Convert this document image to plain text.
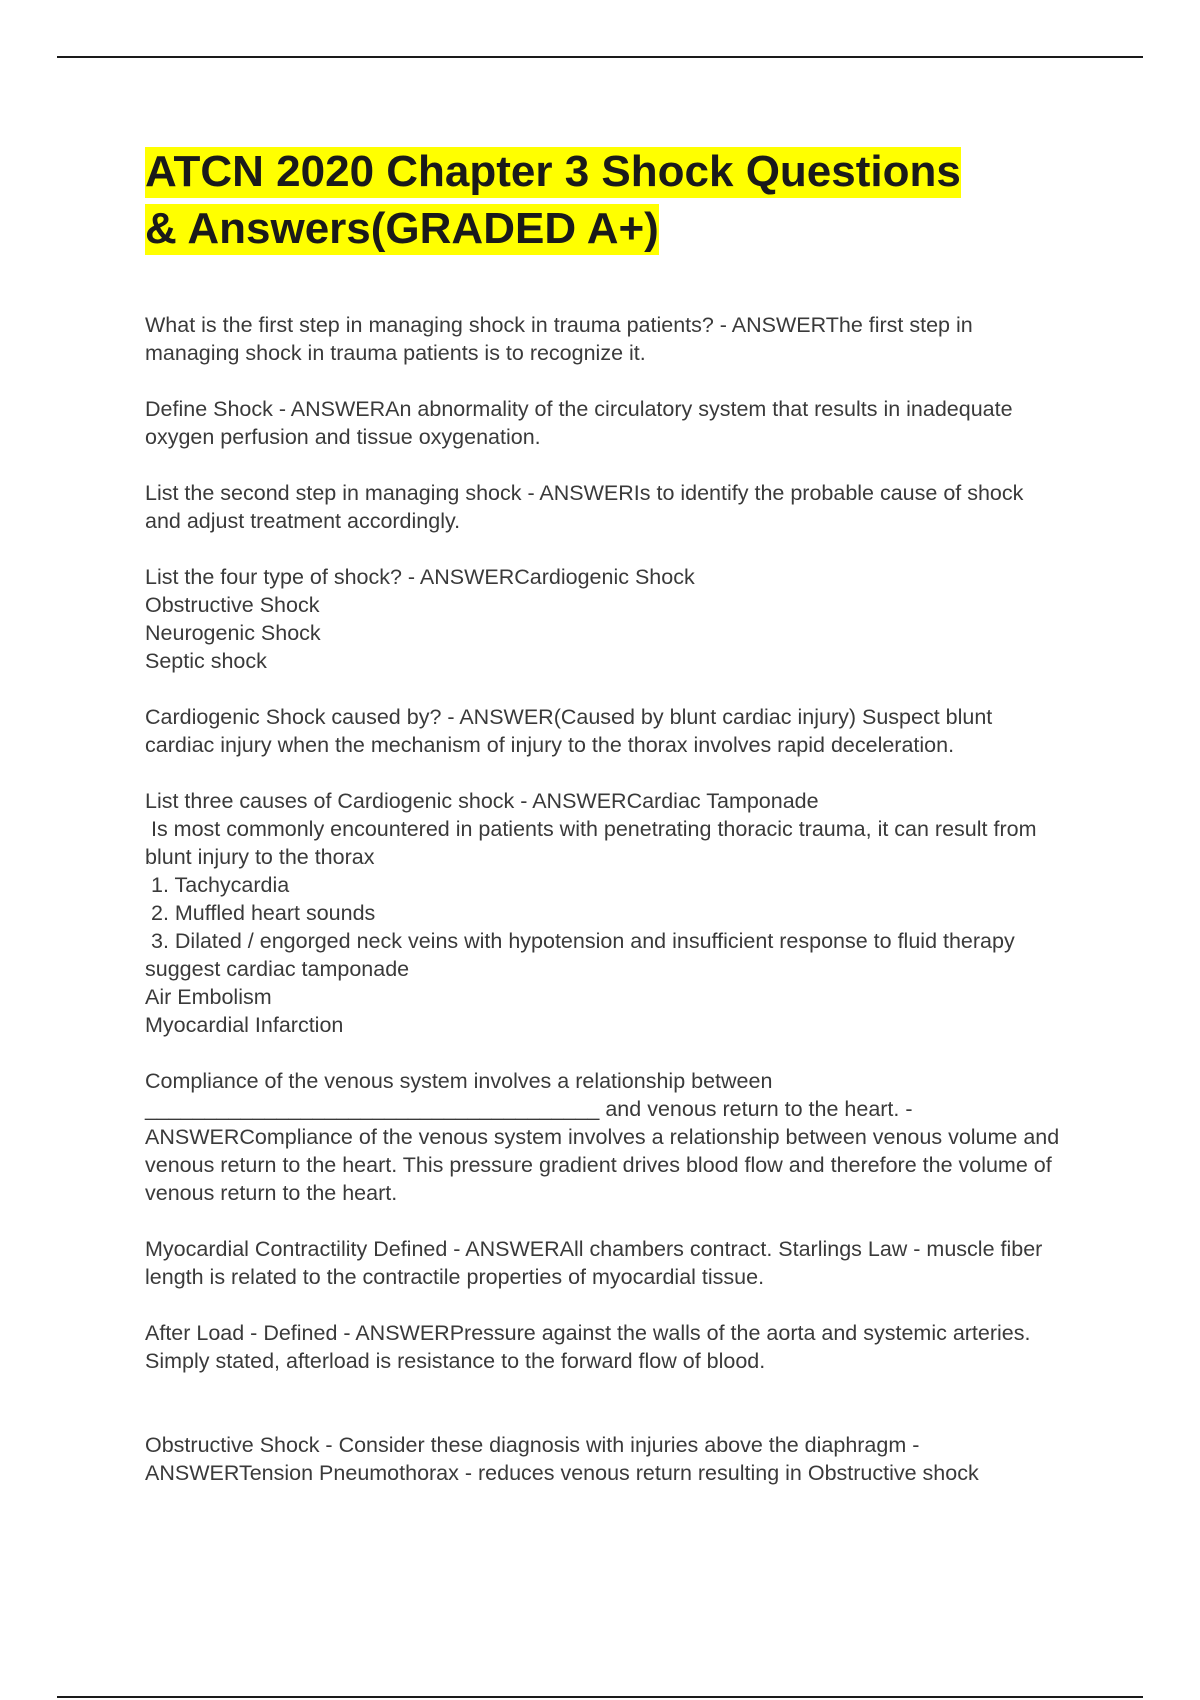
ATCN 2020 Chapter 3 Shock Questions
& Answers(GRADED A+)

What is the first step in managing shock in trauma patients? - ANSWERThe first step in managing shock in trauma patients is to recognize it.

Define Shock - ANSWERAn abnormality of the circulatory system that results in inadequate oxygen perfusion and tissue oxygenation.

List the second step in managing shock - ANSWERIs to identify the probable cause of shock and adjust treatment accordingly.

List the four type of shock? - ANSWERCardiogenic Shock
Obstructive Shock
Neurogenic Shock
Septic shock

Cardiogenic Shock caused by? - ANSWER(Caused by blunt cardiac injury) Suspect blunt cardiac injury when the mechanism of injury to the thorax involves rapid deceleration.

List three causes of Cardiogenic shock - ANSWERCardiac Tamponade
Is most commonly encountered in patients with penetrating thoracic trauma, it can result from blunt injury to the thorax
1. Tachycardia
2. Muffled heart sounds
3. Dilated / engorged neck veins with hypotension and insufficient response to fluid therapy suggest cardiac tamponade
Air Embolism
Myocardial Infarction

Compliance of the venous system involves a relationship between ______________________________________ and venous return to the heart. - ANSWERCompliance of the venous system involves a relationship between venous volume and venous return to the heart. This pressure gradient drives blood flow and therefore the volume of venous return to the heart.

Myocardial Contractility Defined - ANSWERAll chambers contract. Starlings Law - muscle fiber length is related to the contractile properties of myocardial tissue.

After Load - Defined - ANSWERPressure against the walls of the aorta and systemic arteries. Simply stated, afterload is resistance to the forward flow of blood.

Obstructive Shock - Consider these diagnosis with injuries above the diaphragm - ANSWERTension Pneumothorax - reduces venous return resulting in Obstructive shock
